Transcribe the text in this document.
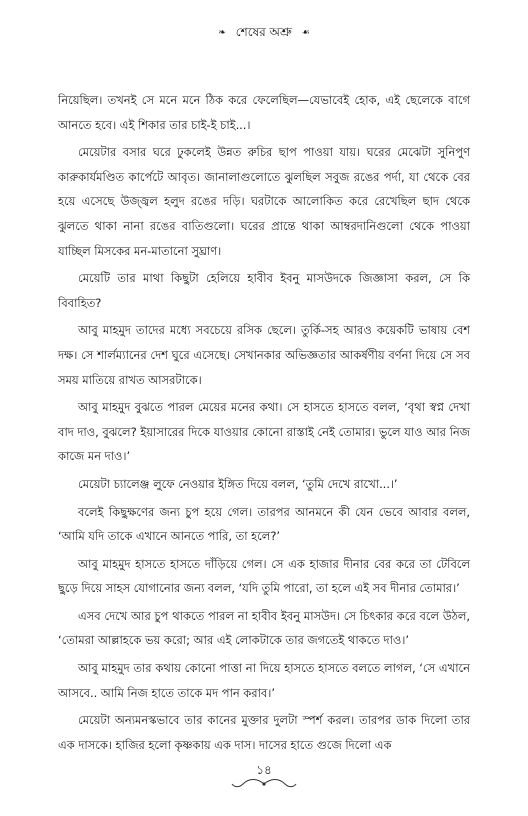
❧ শেষের অশ্রু ☙

নিয়েছিল। তখনই সে মনে মনে ঠিক করে ফেলেছিল—যেভাবেই হোক, এই ছেলেকে বাগে আনতে হবে। এই শিকার তার চাই-ই চাই...।

মেয়েটার বসার ঘরে ঢুকলেই উন্নত রুচির ছাপ পাওয়া যায়। ঘরের মেঝেটা সুনিপুণ কারুকার্যমণ্ডিত কার্পেটে আবৃত। জানালাগুলোতে ঝুলছিল সবুজ রঙের পর্দা, যা থেকে বের হয়ে এসেছে উজ্জ্বল হলুদ রঙের দড়ি। ঘরটাকে আলোকিত করে রেখেছিল ছাদ থেকে ঝুলতে থাকা নানা রঙের বাতিগুলো। ঘরের প্রান্তে থাকা আম্বরদানিগুলো থেকে পাওয়া যাচ্ছিল মিসকের মন-মাতানো সুঘ্রাণ।

মেয়েটি তার মাথা কিছুটা হেলিয়ে হাবীব ইবনু মাসউদকে জিজ্ঞাসা করল, সে কি বিবাহিত?

আবু মাহমুদ তাদের মধ্যে সবচেয়ে রসিক ছেলে। তুর্কি-সহ আরও কয়েকটি ভাষায় বেশ দক্ষ। সে শার্লম্যানের দেশ ঘুরে এসেছে। সেখানকার অভিজ্ঞতার আকর্ষণীয় বর্ণনা দিয়ে সে সব সময় মাতিয়ে রাখত আসরটাকে।

আবু মাহমুদ বুঝতে পারল মেয়ের মনের কথা। সে হাসতে হাসতে বলল, ‘বৃথা স্বপ্ন দেখা বাদ দাও, বুঝলে? ইয়াসারের দিকে যাওয়ার কোনো রাস্তাই নেই তোমার। ভুলে যাও আর নিজ কাজে মন দাও।’

মেয়েটা চ্যালেঞ্জ লুফে নেওয়ার ইঙ্গিত দিয়ে বলল, ‘তুমি দেখে রাখো...।’

বলেই কিছুক্ষণের জন্য চুপ হয়ে গেল। তারপর আনমনে কী যেন ভেবে আবার বলল, ‘আমি যদি তাকে এখানে আনতে পারি, তা হলে?’

আবু মাহমুদ হাসতে হাসতে দাঁড়িয়ে গেল। সে এক হাজার দীনার বের করে তা টেবিলে ছুড়ে দিয়ে সাহস যোগানোর জন্য বলল, ‘যদি তুমি পারো, তা হলে এই সব দীনার তোমার।’

এসব দেখে আর চুপ থাকতে পারল না হাবীব ইবনু মাসউদ। সে চিৎকার করে বলে উঠল, ‘তোমরা আল্লাহকে ভয় করো; আর এই লোকটাকে তার জগতেই থাকতে দাও।’

আবু মাহমুদ তার কথায় কোনো পাত্তা না দিয়ে হাসতে হাসতে বলতে লাগল, ‘সে এখানে আসবে.. আমি নিজ হাতে তাকে মদ পান করাব।’

মেয়েটা অন্যমনস্কভাবে তার কানের মুক্তার দুলটা স্পর্শ করল। তারপর ডাক দিলো তার এক দাসকে। হাজির হলো কৃষ্ণকায় এক দাস। দাসের হাতে গুজে দিলো এক

১৪
